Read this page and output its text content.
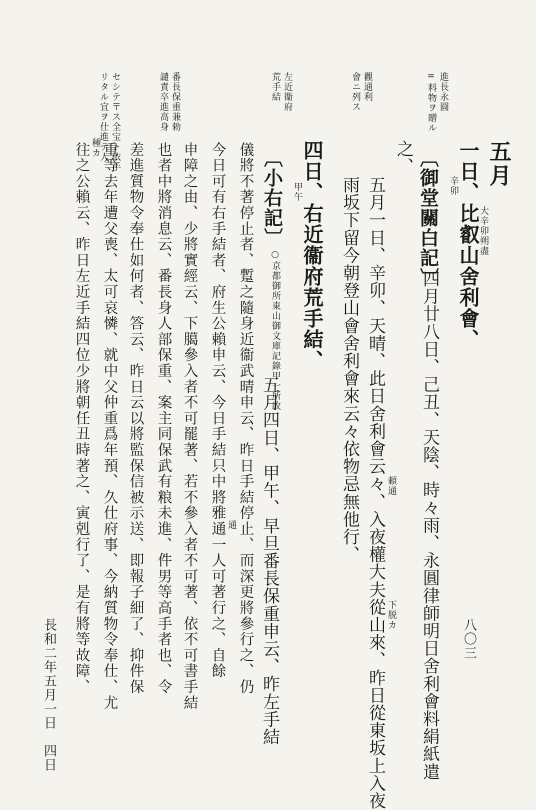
番長保重兼勅
譴責卒進高身
セシテ〒ス全宝ト依手
リタル宜ヲ仕進テ人	左近衞府
荒手結	會ニ列ス 觀通利	進長永圓
=料物ヲ贈ル
五月
大辛卯朔盡
一日、比叡山舍利會、
辛卯
〔御堂關白記〕
四月廿八日、己丑、天陰、時々雨、永圓律師明日舍利會料絹紙遣
之、
五月一日、辛卯、天晴、此日舍利會云々、入夜權大夫從山來、昨日從東坂上入夜 頼通
下脱カ
雨坂下留今朝登山會舍利會來云々依物忌無他行、
四日、右近衞府荒手結、
甲午
〔小右記〕
○京都御所東山御文庫記錄甲一所收
五月四日、甲午、早旦番長保重申云、昨左手結
儀將不著停止者、蹔之隨身近衞武晴申云、昨日手結停止、而深更將參行之、仍
今日可有右手結者、府生公賴申云、今日手結只中將雅通一人可著行之、自餘 通
申障之由、少將實經云、下臈參入者不可罷著、若不參入者不可著、依不可書手結
也者中將消息云、番長身人部保重、案主同保武有粮未進、件男等高手者也、令
差進質物令奉仕如何者、答云、昨日云以將監保信被示送、即報子細了、抑件保
重等去年遭父喪、太可哀憐、就中父仲重爲年預、久仕府事、今納質物令奉仕、尤
往之公賴云、昨日左近手結四位少將朝任丑時著之、寅剋行了、是有將等故障、 種カ
長和二年五月一日　四日	八〇三
